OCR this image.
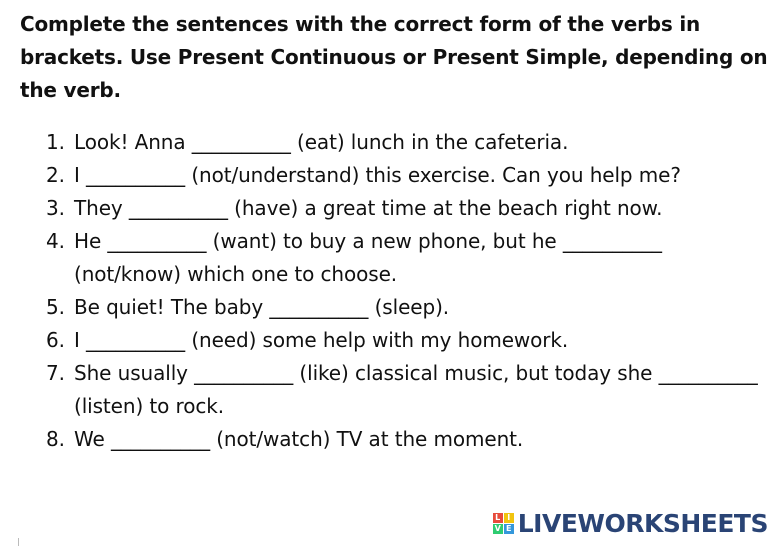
Complete the sentences with the correct form of the verbs in brackets. Use Present Continuous or Present Simple, depending on the verb.

1. Look! Anna __________ (eat) lunch in the cafeteria.
2. I __________ (not/understand) this exercise. Can you help me?
3. They __________ (have) a great time at the beach right now.
4. He __________ (want) to buy a new phone, but he __________ (not/know) which one to choose.
5. Be quiet! The baby __________ (sleep).
6. I __________ (need) some help with my homework.
7. She usually __________ (like) classical music, but today she __________ (listen) to rock.
8. We __________ (not/watch) TV at the moment.
L I
V E LIVEWORKSHEETS
